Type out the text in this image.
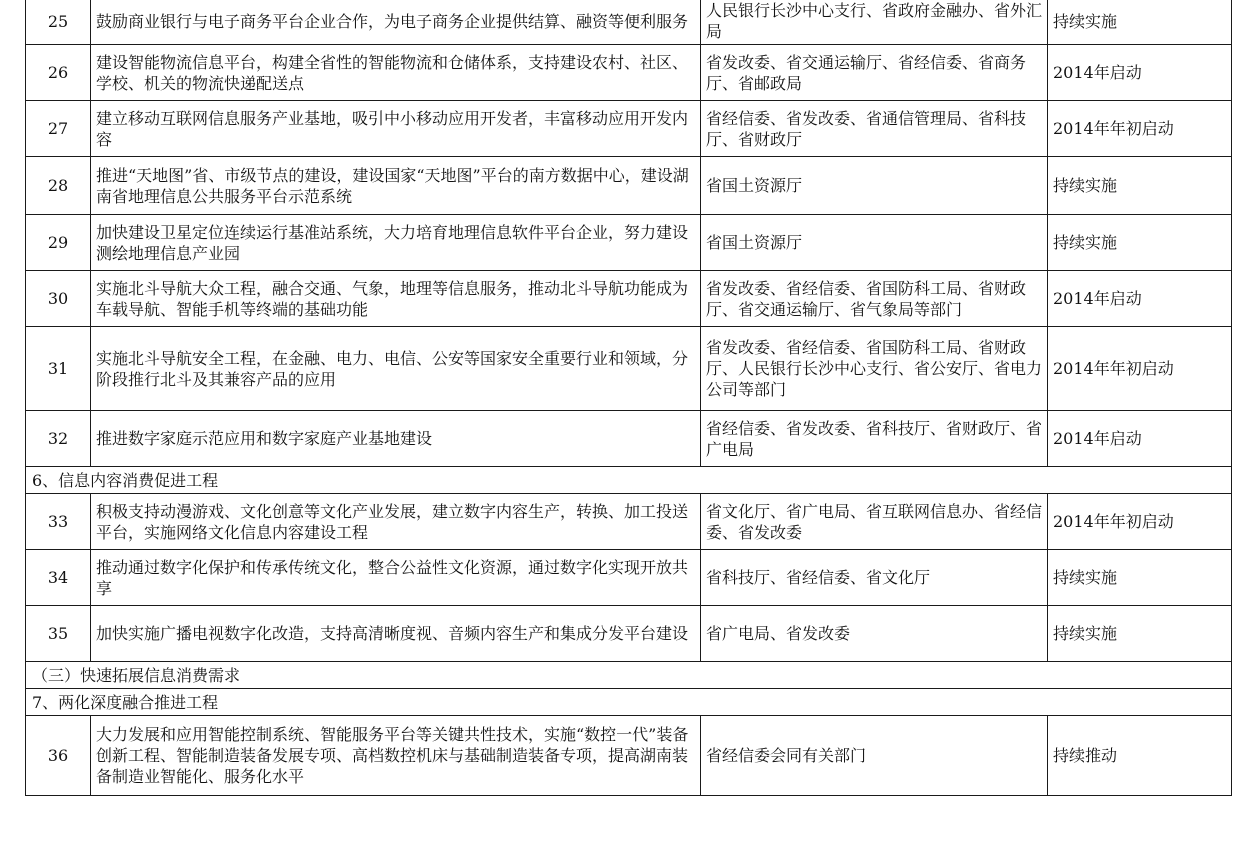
25	鼓励商业银行与电子商务平台企业合作，为电子商务企业提供结算、融资等便利服务	人民银行长沙中心支行、省政府金融办、省外汇局	持续实施
26	建设智能物流信息平台，构建全省性的智能物流和仓储体系，支持建设农村、社区、学校、机关的物流快递配送点	省发改委、省交通运输厅、省经信委、省商务厅、省邮政局	2014年启动
27	建立移动互联网信息服务产业基地，吸引中小移动应用开发者，丰富移动应用开发内容	省经信委、省发改委、省通信管理局、省科技厅、省财政厅	2014年年初启动
28	推进“天地图”省、市级节点的建设，建设国家“天地图”平台的南方数据中心，建设湖南省地理信息公共服务平台示范系统	省国土资源厅	持续实施
29	加快建设卫星定位连续运行基准站系统，大力培育地理信息软件平台企业，努力建设测绘地理信息产业园	省国土资源厅	持续实施
30	实施北斗导航大众工程，融合交通、气象，地理等信息服务，推动北斗导航功能成为车载导航、智能手机等终端的基础功能	省发改委、省经信委、省国防科工局、省财政厅、省交通运输厅、省气象局等部门	2014年启动
31	实施北斗导航安全工程，在金融、电力、电信、公安等国家安全重要行业和领域，分阶段推行北斗及其兼容产品的应用	省发改委、省经信委、省国防科工局、省财政厅、人民银行长沙中心支行、省公安厅、省电力公司等部门	2014年年初启动
32	推进数字家庭示范应用和数字家庭产业基地建设	省经信委、省发改委、省科技厅、省财政厅、省广电局	2014年启动
6、信息内容消费促进工程			
33	积极支持动漫游戏、文化创意等文化产业发展，建立数字内容生产，转换、加工投送平台，实施网络文化信息内容建设工程	省文化厅、省广电局、省互联网信息办、省经信委、省发改委	2014年年初启动
34	推动通过数字化保护和传承传统文化，整合公益性文化资源，通过数字化实现开放共享	省科技厅、省经信委、省文化厅	持续实施
35	加快实施广播电视数字化改造，支持高清晰度视、音频内容生产和集成分发平台建设	省广电局、省发改委	持续实施
（三）快速拓展信息消费需求			
7、两化深度融合推进工程			
36	大力发展和应用智能控制系统、智能服务平台等关键共性技术，实施“数控一代”装备创新工程、智能制造装备发展专项、高档数控机床与基础制造装备专项，提高湖南装备制造业智能化、服务化水平	省经信委会同有关部门	持续推动
